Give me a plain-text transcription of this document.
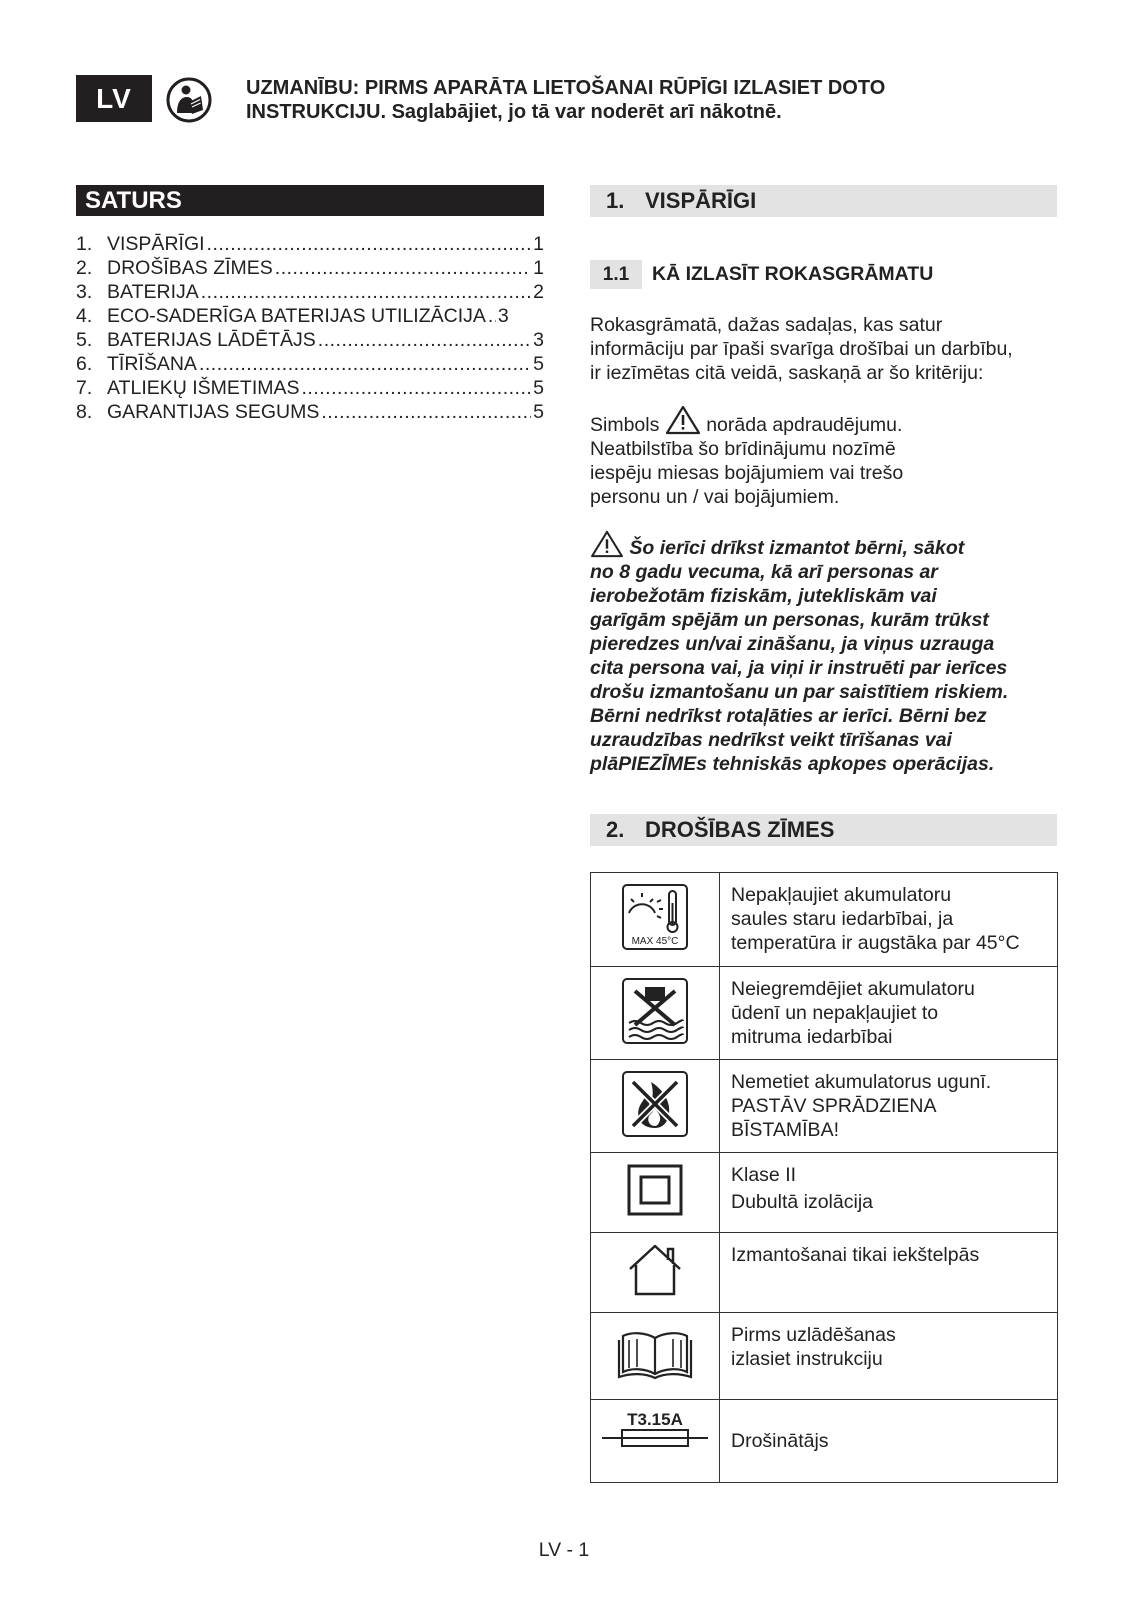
LV	UZMANĪBU: PIRMS APARĀTA LIETOŠANAI RŪPĪGI IZLASIET DOTO
INSTRUKCIJU. Saglabājiet, jo tā var noderēt arī nākotnē.
SATURS
1. VISPĀRĪGI .....	1
2. DROŠĪBAS ZĪMES .....	1
3. BATERIJA .....	2
4. ECO-SADERĪGA BATERIJAS UTILIZĀCIJA ..... 3
5. BATERIJAS LĀDĒTĀJS .....	3
6. TĪRĪŠANA .....	5
7. ATLIEKŲ IŠMETIMAS .....	5
8. GARANTIJAS SEGUMS .....	5
1. VISPĀRĪGI
1.1 KĀ IZLASĪT ROKASGRĀMATU

Rokasgrāmatā, dažas sadaļas, kas satur

informāciju par īpaši svarīga drošībai un darbību,

ir iezīmētas citā veidā, saskaņā ar šo kritēriju:

Simbols  norāda apdraudējumu.

Neatbilstība šo brīdinājumu nozīmē

iespēju miesas bojājumiem vai trešo

personu un / vai bojājumiem.

Šo ierīci drīkst izmantot bērni, sākot

no 8 gadu vecuma, kā arī personas ar

ierobežotām fiziskām, jutekliskām vai

garīgām spējām un personas, kurām trūkst

pieredzes un/vai zināšanu, ja viņus uzrauga

cita persona vai, ja viņi ir instruēti par ierīces

drošu izmantošanu un par saistītiem riskiem.

Bērni nedrīkst rotaļāties ar ierīci. Bērni bez

uzraudzības nedrīkst veikt tīrīšanas vai

plāPIEZĪMEs tehniskās apkopes operācijas.

2. DROŠĪBAS ZĪMES
MAX 45°C	Nepakļaujiet akumulatoru
saules staru iedarbībai, ja
temperatūra ir augstāka par 45°C

Neiegremdējiet akumulatoru
ūdenī un nepakļaujiet to
mitruma iedarbībai

Nemetiet akumulatorus ugunī.
PASTĀV SPRĀDZIENA
BĪSTAMĪBA!

Klase II
Dubultā izolācija

Izmantošanai tikai iekštelpās

Pirms uzlādēšanas
izlasiet instrukciju

T3.15A	Drošinātājs
LV - 1
